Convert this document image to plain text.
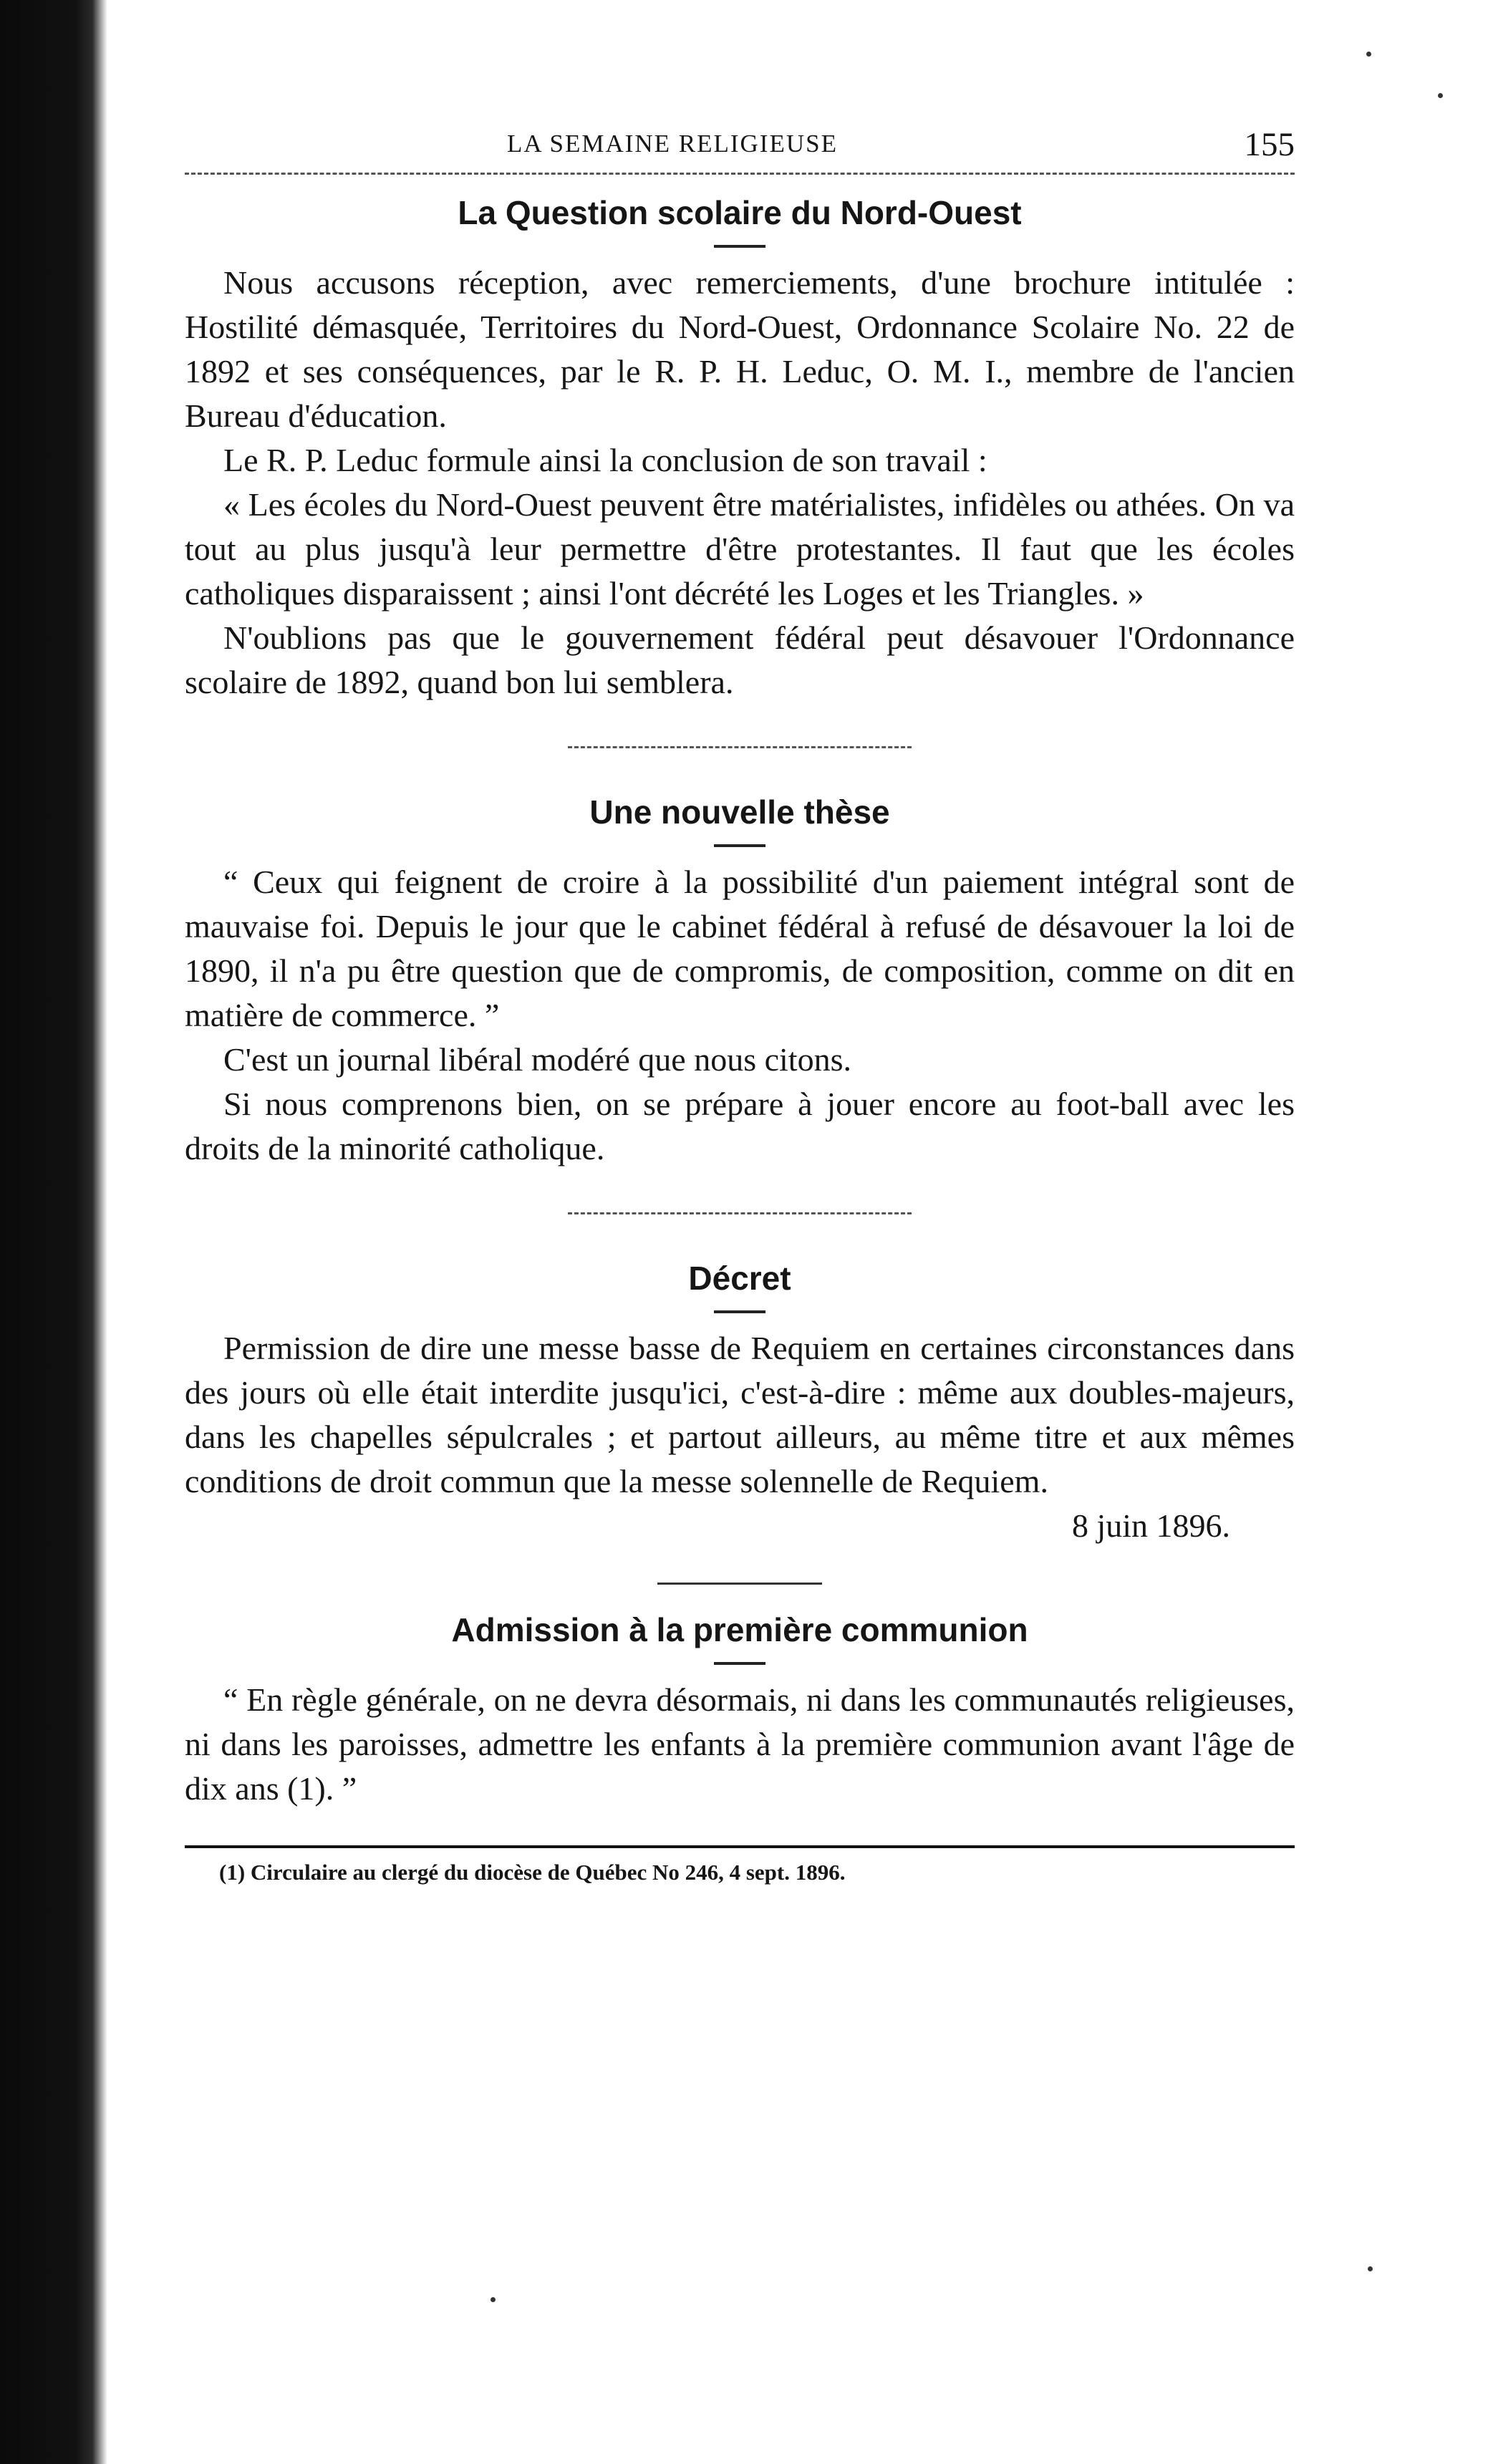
LA SEMAINE RELIGIEUSE	155
La Question scolaire du Nord-Ouest

Nous accusons réception, avec remerciements, d'une brochure intitulée : Hostilité démasquée, Territoires du Nord-Ouest, Ordonnance Scolaire No. 22 de 1892 et ses conséquences, par le R. P. H. Leduc, O. M. I., membre de l'ancien Bureau d'éducation.

Le R. P. Leduc formule ainsi la conclusion de son travail :

« Les écoles du Nord-Ouest peuvent être matérialistes, infidèles ou athées. On va tout au plus jusqu'à leur permettre d'être protestantes. Il faut que les écoles catholiques disparaissent ; ainsi l'ont décrété les Loges et les Triangles. »

N'oublions pas que le gouvernement fédéral peut désavouer l'Ordonnance scolaire de 1892, quand bon lui semblera.

Une nouvelle thèse

“ Ceux qui feignent de croire à la possibilité d'un paiement intégral sont de mauvaise foi. Depuis le jour que le cabinet fédéral à refusé de désavouer la loi de 1890, il n'a pu être question que de compromis, de composition, comme on dit en matière de commerce. ”

C'est un journal libéral modéré que nous citons.

Si nous comprenons bien, on se prépare à jouer encore au foot-ball avec les droits de la minorité catholique.

Décret

Permission de dire une messe basse de Requiem en certaines circonstances dans des jours où elle était interdite jusqu'ici, c'est-à-dire : même aux doubles-majeurs, dans les chapelles sépulcrales ; et partout ailleurs, au même titre et aux mêmes conditions de droit commun que la messe solennelle de Requiem.

8 juin 1896.
Admission à la première communion

“ En règle générale, on ne devra désormais, ni dans les communautés religieuses, ni dans les paroisses, admettre les enfants à la première communion avant l'âge de dix ans (1). ”

(1) Circulaire au clergé du diocèse de Québec No 246, 4 sept. 1896.
